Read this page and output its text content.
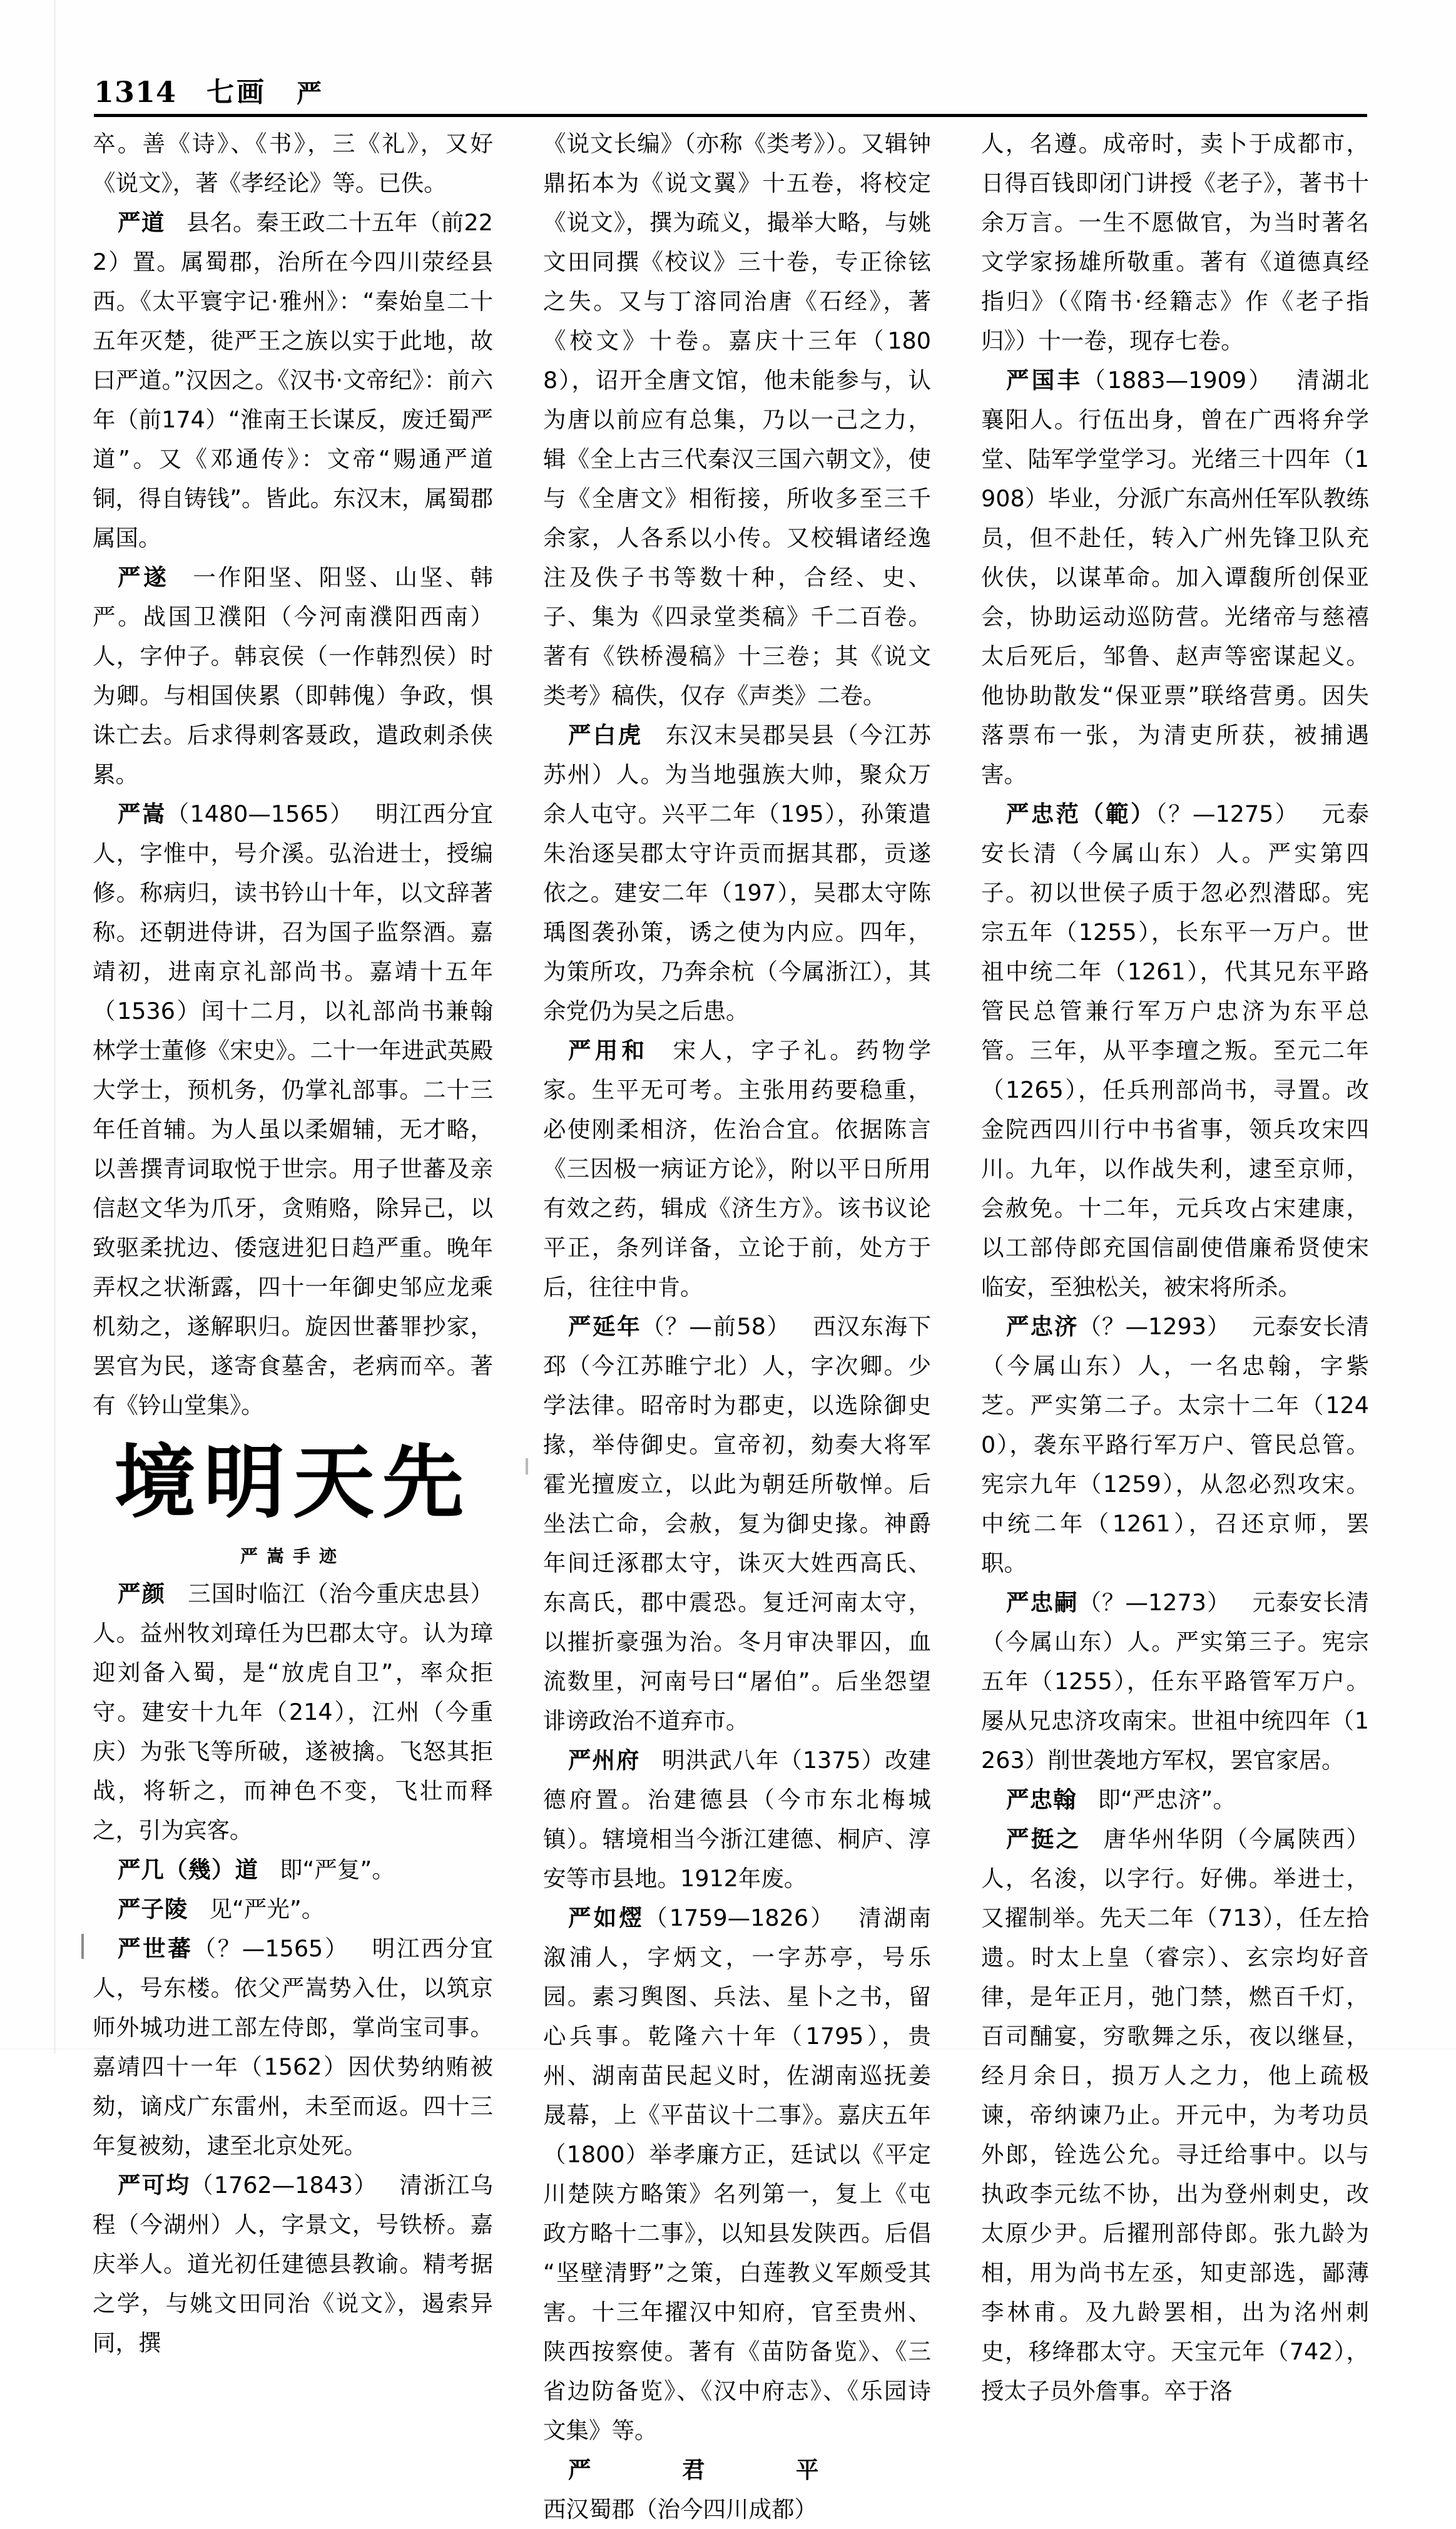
1314 七画 严

卒。善《诗》、《书》，三《礼》，又好《说文》，著《孝经论》等。已佚。

严道 县名。秦王政二十五年（前222）置。属蜀郡，治所在今四川荥经县西。《太平寰宇记·雅州》：“秦始皇二十五年灭楚，徙严王之族以实于此地，故曰严道。”汉因之。《汉书·文帝纪》：前六年（前174）“淮南王长谋反，废迁蜀严道”。又《邓通传》：文帝“赐通严道铜，得自铸钱”。皆此。东汉末，属蜀郡属国。

严遂 一作阳坚、阳竖、山坚、韩严。战国卫濮阳（今河南濮阳西南）人，字仲子。韩哀侯（一作韩烈侯）时为卿。与相国侠累（即韩傀）争政，惧诛亡去。后求得刺客聂政，遣政刺杀侠累。

严嵩（1480—1565） 明江西分宜人，字惟中，号介溪。弘治进士，授编修。称病归，读书钤山十年，以文辞著称。还朝进侍讲，召为国子监祭酒。嘉靖初，进南京礼部尚书。嘉靖十五年（1536）闰十二月，以礼部尚书兼翰林学士董修《宋史》。二十一年进武英殿大学士，预机务，仍掌礼部事。二十三年任首辅。为人虽以柔媚辅，无才略，以善撰青词取悦于世宗。用子世蕃及亲信赵文华为爪牙，贪贿赂，除异己，以致驱柔扰边、倭寇进犯日趋严重。晚年弄权之状渐露，四十一年御史邹应龙乘机劾之，遂解职归。旋因世蕃罪抄家，罢官为民，遂寄食墓舍，老病而卒。著有《钤山堂集》。

境明天先
严嵩手迹

严颜 三国时临江（治今重庆忠县）人。益州牧刘璋任为巴郡太守。认为璋迎刘备入蜀，是“放虎自卫”，率众拒守。建安十九年（214），江州（今重庆）为张飞等所破，遂被擒。飞怒其拒战，将斩之，而神色不变，飞壮而释之，引为宾客。

严几（幾）道 即“严复”。

严子陵 见“严光”。

严世蕃（？—1565） 明江西分宜人，号东楼。依父严嵩势入仕，以筑京师外城功进工部左侍郎，掌尚宝司事。嘉靖四十一年（1562）因伏势纳贿被劾，谪戍广东雷州，未至而返。四十三年复被劾，逮至北京处死。

严可均（1762—1843） 清浙江乌程（今湖州）人，字景文，号铁桥。嘉庆举人。道光初任建德县教谕。精考据之学，与姚文田同治《说文》，遏索异同，撰

《说文长编》（亦称《类考》）。又辑钟鼎拓本为《说文翼》十五卷，将校定《说文》，撰为疏义，撮举大略，与姚文田同撰《校议》三十卷，专正徐铉之失。又与丁溶同治唐《石经》，著《校文》十卷。嘉庆十三年（1808），诏开全唐文馆，他未能参与，认为唐以前应有总集，乃以一己之力，辑《全上古三代秦汉三国六朝文》，使与《全唐文》相衔接，所收多至三千余家，人各系以小传。又校辑诸经逸注及佚子书等数十种，合经、史、子、集为《四录堂类稿》千二百卷。著有《铁桥漫稿》十三卷；其《说文类考》稿佚，仅存《声类》二卷。

严白虎 东汉末吴郡吴县（今江苏苏州）人。为当地强族大帅，聚众万余人屯守。兴平二年（195），孙策遣朱治逐吴郡太守许贡而据其郡，贡遂依之。建安二年（197），吴郡太守陈瑀图袭孙策，诱之使为内应。四年，为策所攻，乃奔余杭（今属浙江），其余党仍为吴之后患。

严用和 宋人，字子礼。药物学家。生平无可考。主张用药要稳重，必使刚柔相济，佐治合宜。依据陈言《三因极一病证方论》，附以平日所用有效之药，辑成《济生方》。该书议论平正，条列详备，立论于前，处方于后，往往中肯。

严延年（？—前58） 西汉东海下邳（今江苏睢宁北）人，字次卿。少学法律。昭帝时为郡吏，以选除御史掾，举侍御史。宣帝初，劾奏大将军霍光擅废立，以此为朝廷所敬惮。后坐法亡命，会赦，复为御史掾。神爵年间迁涿郡太守，诛灭大姓西高氏、东高氏，郡中震恐。复迁河南太守，以摧折豪强为治。冬月审决罪囚，血流数里，河南号曰“屠伯”。后坐怨望诽谤政治不道弃市。

严州府 明洪武八年（1375）改建德府置。治建德县（今市东北梅城镇）。辖境相当今浙江建德、桐庐、淳安等市县地。1912年废。

严如熤（1759—1826） 清湖南溆浦人，字炳文，一字苏亭，号乐园。素习舆图、兵法、星卜之书，留心兵事。乾隆六十年（1795），贵州、湖南苗民起义时，佐湖南巡抚姜晟幕，上《平苗议十二事》。嘉庆五年（1800）举孝廉方正，廷试以《平定川楚陕方略策》名列第一，复上《屯政方略十二事》，以知县发陕西。后倡“坚壁清野”之策，白莲教义军颇受其害。十三年擢汉中知府，官至贵州、陕西按察使。著有《苗防备览》、《三省边防备览》、《汉中府志》、《乐园诗文集》等。

严君平西汉蜀郡（治今四川成都）

人，名遵。成帝时，卖卜于成都市，日得百钱即闭门讲授《老子》，著书十余万言。一生不愿做官，为当时著名文学家扬雄所敬重。著有《道德真经指归》（《隋书·经籍志》作《老子指归》）十一卷，现存七卷。

严国丰（1883—1909） 清湖北襄阳人。行伍出身，曾在广西将弁学堂、陆军学堂学习。光绪三十四年（1908）毕业，分派广东高州任军队教练员，但不赴任，转入广州先锋卫队充伙伕，以谋革命。加入谭馥所创保亚会，协助运动巡防营。光绪帝与慈禧太后死后，邹鲁、赵声等密谋起义。他协助散发“保亚票”联络营勇。因失落票布一张，为清吏所获，被捕遇害。

严忠范（範）（？—1275） 元泰安长清（今属山东）人。严实第四子。初以世侯子质于忽必烈潜邸。宪宗五年（1255），长东平一万户。世祖中统二年（1261），代其兄东平路管民总管兼行军万户忠济为东平总管。三年，从平李璮之叛。至元二年（1265），任兵刑部尚书，寻置。改金院西四川行中书省事，领兵攻宋四川。九年，以作战失利，逮至京师，会赦免。十二年，元兵攻占宋建康，以工部侍郎充国信副使借廉希贤使宋临安，至独松关，被宋将所杀。

严忠济（？—1293） 元泰安长清（今属山东）人，一名忠翰，字紫芝。严实第二子。太宗十二年（1240），袭东平路行军万户、管民总管。宪宗九年（1259），从忽必烈攻宋。中统二年（1261），召还京师，罢职。

严忠嗣（？—1273） 元泰安长清（今属山东）人。严实第三子。宪宗五年（1255），任东平路管军万户。屡从兄忠济攻南宋。世祖中统四年（1263）削世袭地方军权，罢官家居。

严忠翰 即“严忠济”。

严挺之 唐华州华阴（今属陕西）人，名浚，以字行。好佛。举进士，又擢制举。先天二年（713），任左拾遗。时太上皇（睿宗）、玄宗均好音律，是年正月，弛门禁，燃百千灯，百司酺宴，穷歌舞之乐，夜以继昼，经月余日，损万人之力，他上疏极谏，帝纳谏乃止。开元中，为考功员外郎，铨选公允。寻迁给事中。以与执政李元纮不协，出为登州刺史，改太原少尹。后擢刑部侍郎。张九龄为相，用为尚书左丞，知吏部选，鄙薄李林甫。及九龄罢相，出为洺州刺史，移绛郡太守。天宝元年（742），授太子员外詹事。卒于洛
